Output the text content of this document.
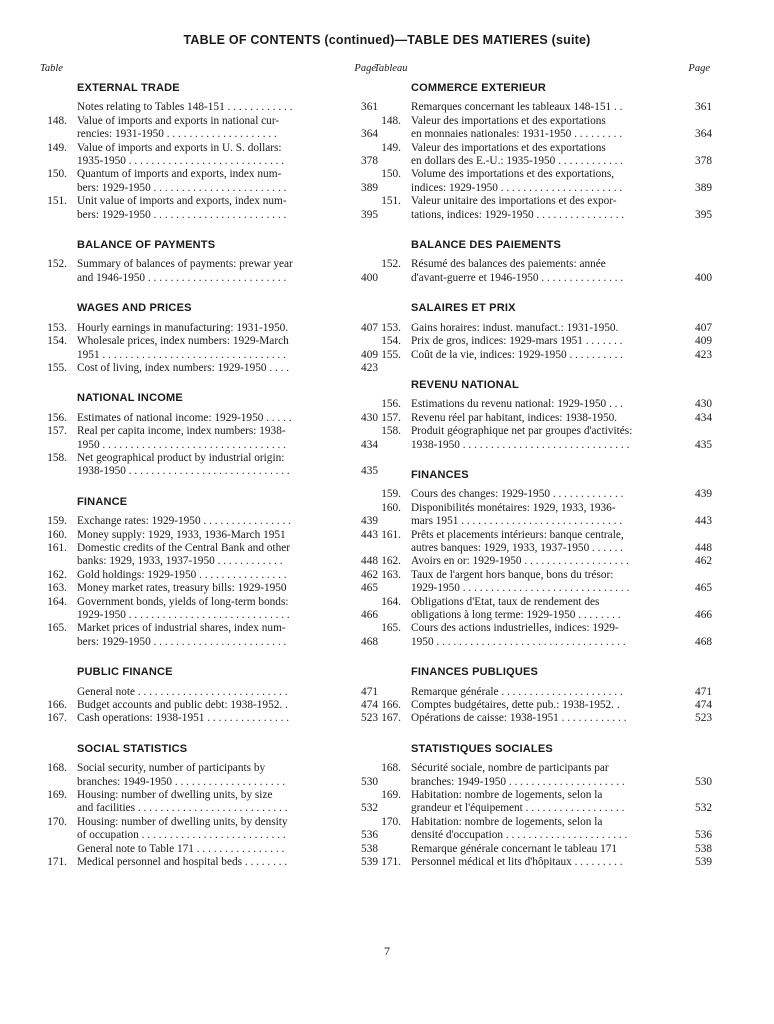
TABLE OF CONTENTS (continued)—TABLE DES MATIERES (suite)
Table	Page
EXTERNAL TRADE
Notes relating to Tables 148-151 . . . . . . . . . . . .	361
148. Value of imports and exports in national cur-
rencies: 1931-1950 . . . . . . . . . . . . . . . . . . . .	364
149. Value of imports and exports in U. S. dollars:
1935-1950 . . . . . . . . . . . . . . . . . . . . . . . . . . . .	378
150. Quantum of imports and exports, index num-
bers: 1929-1950 . . . . . . . . . . . . . . . . . . . . . . . .	389
151. Unit value of imports and exports, index num-
bers: 1929-1950 . . . . . . . . . . . . . . . . . . . . . . . .	395
BALANCE OF PAYMENTS
152. Summary of balances of payments: prewar year
and 1946-1950 . . . . . . . . . . . . . . . . . . . . . . . . .	400
WAGES AND PRICES
153. Hourly earnings in manufacturing: 1931-1950.	407
154. Wholesale prices, index numbers: 1929-March
1951 . . . . . . . . . . . . . . . . . . . . . . . . . . . . . . . . .	409
155. Cost of living, index numbers: 1929-1950 . . . .	423
NATIONAL INCOME
156. Estimates of national income: 1929-1950 . . . . .	430
157. Real per capita income, index numbers: 1938-
1950 . . . . . . . . . . . . . . . . . . . . . . . . . . . . . . . . .	434
158. Net geographical product by industrial origin:
1938-1950 . . . . . . . . . . . . . . . . . . . . . . . . . . . . .	435
FINANCE
159. Exchange rates: 1929-1950 . . . . . . . . . . . . . . . .	439
160. Money supply: 1929, 1933, 1936-March 1951	443
161. Domestic credits of the Central Bank and other
banks: 1929, 1933, 1937-1950 . . . . . . . . . . . .	448
162. Gold holdings: 1929-1950 . . . . . . . . . . . . . . . .	462
163. Money market rates, treasury bills: 1929-1950	465
164. Government bonds, yields of long-term bonds:
1929-1950 . . . . . . . . . . . . . . . . . . . . . . . . . . . . .	466
165. Market prices of industrial shares, index num-
bers: 1929-1950 . . . . . . . . . . . . . . . . . . . . . . . .	468
PUBLIC FINANCE
General note . . . . . . . . . . . . . . . . . . . . . . . . . . .	471
166. Budget accounts and public debt: 1938-1952. .	474
167. Cash operations: 1938-1951 . . . . . . . . . . . . . . .	523
SOCIAL STATISTICS
168. Social security, number of participants by
branches: 1949-1950 . . . . . . . . . . . . . . . . . . . .	530
169. Housing: number of dwelling units, by size
and facilities . . . . . . . . . . . . . . . . . . . . . . . . . . .	532
170. Housing: number of dwelling units, by density
of occupation . . . . . . . . . . . . . . . . . . . . . . . . . .	536
General note to Table 171 . . . . . . . . . . . . . . . .	538
171. Medical personnel and hospital beds . . . . . . . .	539
Tableau	Page
COMMERCE EXTERIEUR
Remarques concernant les tableaux 148-151 . .	361
148. Valeur des importations et des exportations
en monnaies nationales: 1931-1950 . . . . . . . . .	364
149. Valeur des importations et des exportations
en dollars des E.-U.: 1935-1950 . . . . . . . . . . . .	378
150. Volume des importations et des exportations,
indices: 1929-1950 . . . . . . . . . . . . . . . . . . . . . .	389
151. Valeur unitaire des importations et des expor-
tations, indices: 1929-1950 . . . . . . . . . . . . . . . .	395
BALANCE DES PAIEMENTS
152. Résumé des balances des paiements: année
d'avant-guerre et 1946-1950 . . . . . . . . . . . . . . .	400
SALAIRES ET PRIX
153. Gains horaires: indust. manufact.: 1931-1950.	407
154. Prix de gros, indices: 1929-mars 1951 . . . . . . .	409
155. Coût de la vie, indices: 1929-1950 . . . . . . . . . .	423
REVENU NATIONAL
156. Estimations du revenu national: 1929-1950 . . .	430
157. Revenu réel par habitant, indices: 1938-1950.	434
158. Produit géographique net par groupes d'activités:
1938-1950 . . . . . . . . . . . . . . . . . . . . . . . . . . . . . .	435
FINANCES
159. Cours des changes: 1929-1950 . . . . . . . . . . . . .	439
160. Disponibilités monétaires: 1929, 1933, 1936-
mars 1951 . . . . . . . . . . . . . . . . . . . . . . . . . . . . .	443
161. Prêts et placements intérieurs: banque centrale,
autres banques: 1929, 1933, 1937-1950 . . . . . .	448
162. Avoirs en or: 1929-1950 . . . . . . . . . . . . . . . . . . .	462
163. Taux de l'argent hors banque, bons du trésor:
1929-1950 . . . . . . . . . . . . . . . . . . . . . . . . . . . . . .	465
164. Obligations d'Etat, taux de rendement des
obligations à long terme: 1929-1950 . . . . . . . .	466
165. Cours des actions industrielles, indices: 1929-
1950 . . . . . . . . . . . . . . . . . . . . . . . . . . . . . . . . . .	468
FINANCES PUBLIQUES
Remarque générale . . . . . . . . . . . . . . . . . . . . . .	471
166. Comptes budgétaires, dette pub.: 1938-1952. .	474
167. Opérations de caisse: 1938-1951 . . . . . . . . . . . .	523
STATISTIQUES SOCIALES
168. Sécurité sociale, nombre de participants par
branches: 1949-1950 . . . . . . . . . . . . . . . . . . . . .	530
169. Habitation: nombre de logements, selon la
grandeur et l'équipement . . . . . . . . . . . . . . . . . .	532
170. Habitation: nombre de logements, selon la
densité d'occupation . . . . . . . . . . . . . . . . . . . . . .	536
Remarque générale concernant le tableau 171	538
171. Personnel médical et lits d'hôpitaux . . . . . . . . .	539
7
